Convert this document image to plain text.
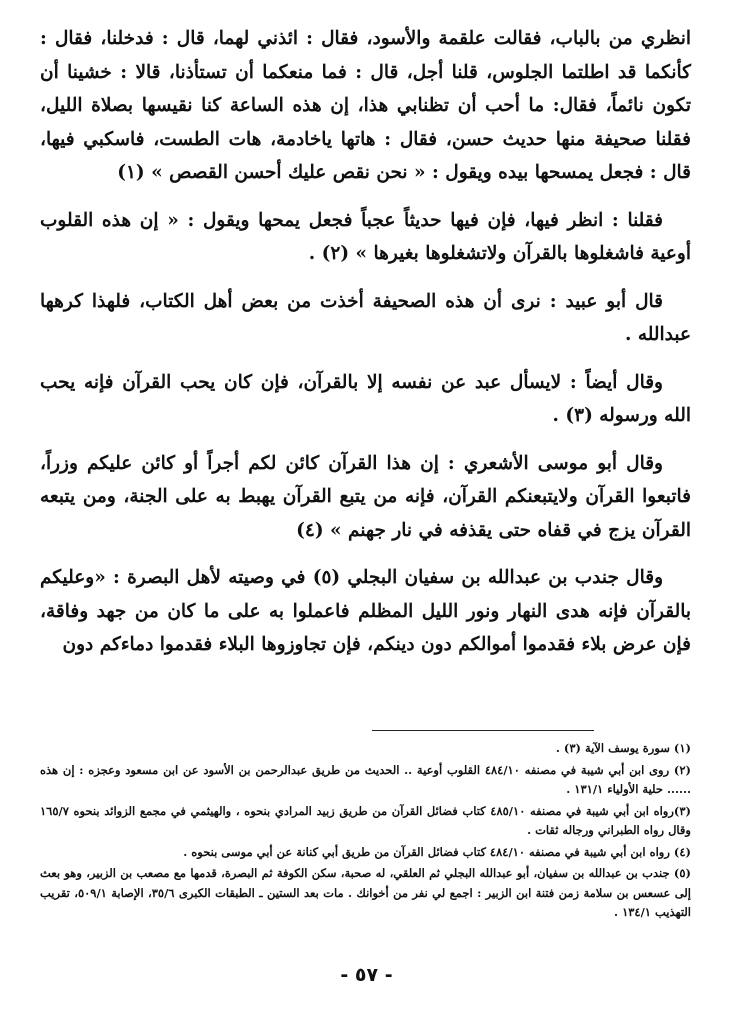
انظري من بالباب، فقالت علقمة والأسود، فقال : ائذني لهما، قال : فدخلنا، فقال : كأنكما قد اطلتما الجلوس، قلنا أجل، قال : فما منعكما أن تستأذنا، قالا : خشينا أن تكون نائماً، فقال: ما أحب أن تظنابي هذا، إن هذه الساعة كنا نقيسها بصلاة الليل، فقلنا صحيفة منها حديث حسن، فقال : هاتها ياخادمة، هات الطست، فاسكبي فيها، قال : فجعل يمسحها بيده ويقول : « نحن نقص عليك أحسن القصص » (١)

فقلنا : انظر فيها، فإن فيها حديثاً عجباً فجعل يمحها ويقول : « إن هذه القلوب أوعية فاشغلوها بالقرآن ولاتشغلوها بغيرها » (٢) .

قال أبو عبيد : نرى أن هذه الصحيفة أخذت من بعض أهل الكتاب، فلهذا كرهها عبدالله .

وقال أيضاً : لايسأل عبد عن نفسه إلا بالقرآن، فإن كان يحب القرآن فإنه يحب الله ورسوله (٣) .

وقال أبو موسى الأشعري : إن هذا القرآن كائن لكم أجراً أو كائن عليكم وزراً، فاتبعوا القرآن ولايتبعنكم القرآن، فإنه من يتبع القرآن يهبط به على الجنة، ومن يتبعه القرآن يزج في قفاه حتى يقذفه في نار جهنم » (٤)

وقال جندب بن عبدالله بن سفيان البجلي (٥) في وصيته لأهل البصرة : «وعليكم بالقرآن فإنه هدى النهار ونور الليل المظلم فاعملوا به على ما كان من جهد وفاقة، فإن عرض بلاء فقدموا أموالكم دون دينكم، فإن تجاوزوها البلاء فقدموا دماءكم دون

(١) سورة يوسف الآية (٣) .

(٢) روى ابن أبي شيبة في مصنفه ٤٨٤/١٠ القلوب أوعية .. الحديث من طريق عبدالرحمن بن الأسود عن ابن مسعود وعجزه : إن هذه ...... حلية الأولياء ١٣١/١ .

(٣)رواه ابن أبي شيبة في مصنفه ٤٨٥/١٠ كتاب فضائل القرآن من طريق زبيد المرادي بنحوه ، والهيثمي في مجمع الزوائد بنحوه ١٦٥/٧ وقال رواه الطبراني ورجاله ثقات .

(٤) رواه ابن أبي شيبة في مصنفه ٤٨٤/١٠ كتاب فضائل القرآن من طريق أبي كنانة عن أبي موسى بنحوه .

(٥) جندب بن عبدالله بن سفيان، أبو عبدالله البجلي ثم العلقي، له صحبة، سكن الكوفة ثم البصرة، قدمها مع مصعب بن الزبير، وهو بعث إلى عسعس بن سلامة زمن فتنة ابن الزبير : اجمع لي نفر من أخوانك . مات بعد الستين ـ الطبقات الكبرى ٣٥/٦، الإصابة ٥٠٩/١، تقريب التهذيب ١٣٤/١ .

- ٥٧ -
